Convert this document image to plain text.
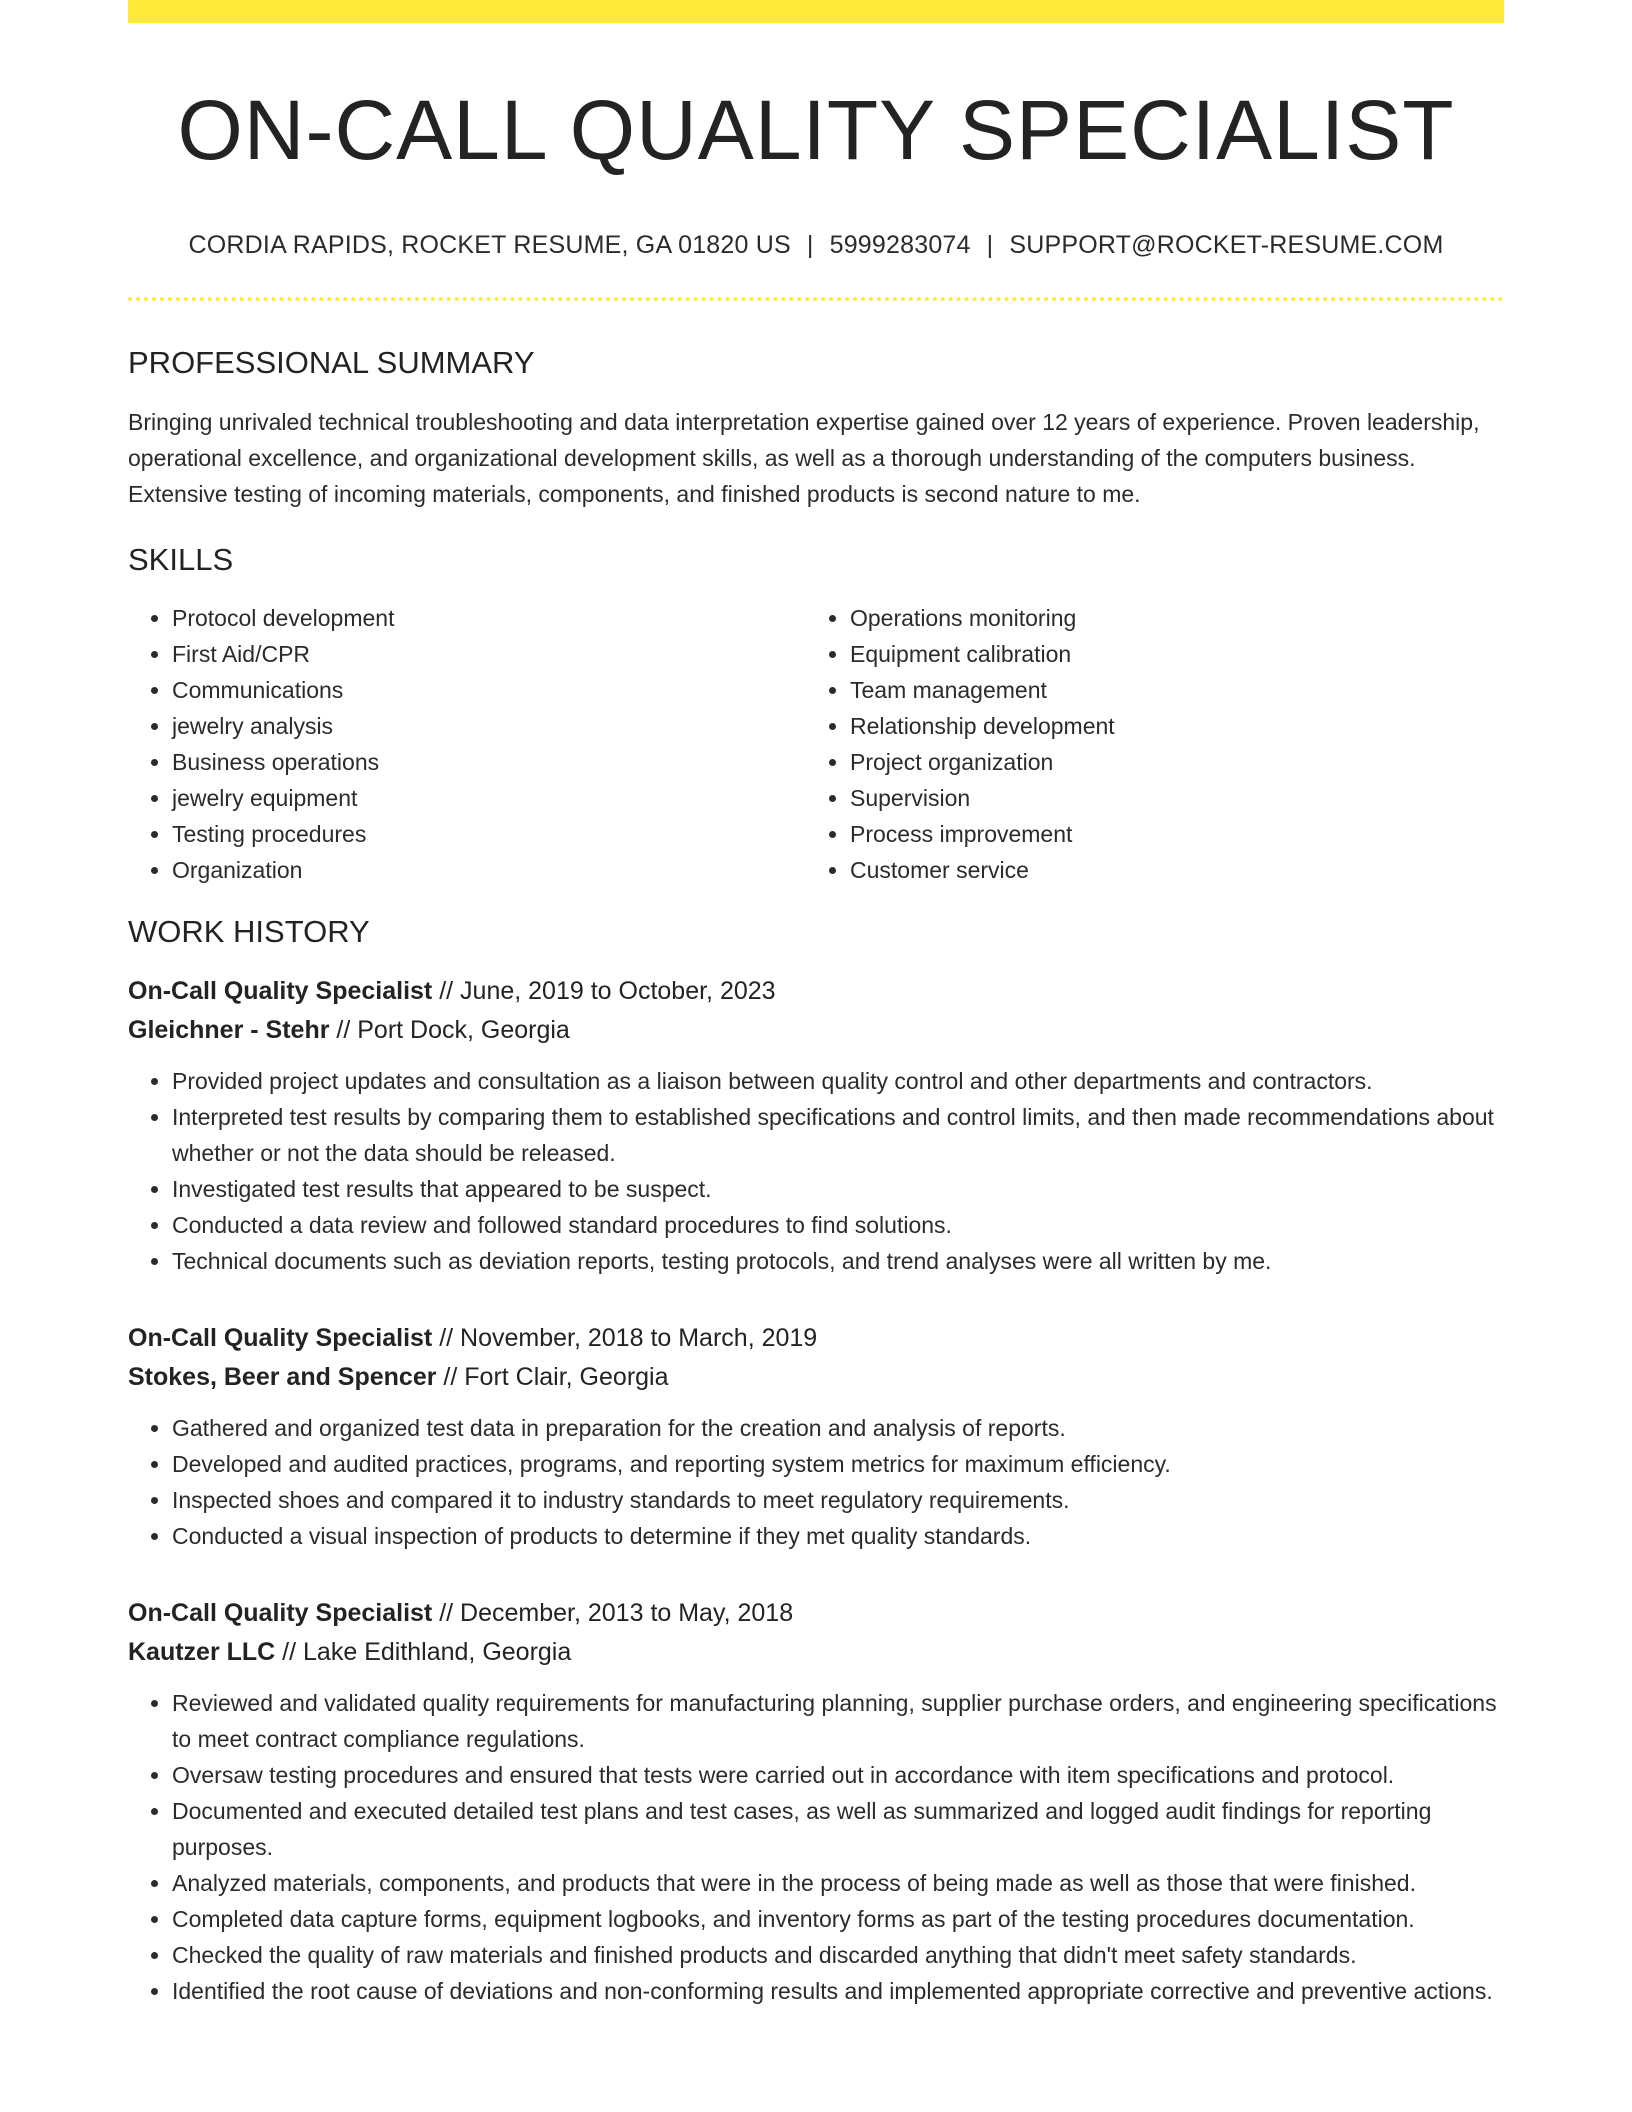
ON-CALL QUALITY SPECIALIST
CORDIA RAPIDS, ROCKET RESUME, GA 01820 US | 5999283074 | SUPPORT@ROCKET-RESUME.COM
PROFESSIONAL SUMMARY

Bringing unrivaled technical troubleshooting and data interpretation expertise gained over 12 years of experience. Proven leadership, operational excellence, and organizational development skills, as well as a thorough understanding of the computers business. Extensive testing of incoming materials, components, and finished products is second nature to me.

SKILLS
• Protocol development
• First Aid/CPR
• Communications
• jewelry analysis
• Business operations
• jewelry equipment
• Testing procedures
• Organization
• Operations monitoring
• Equipment calibration
• Team management
• Relationship development
• Project organization
• Supervision
• Process improvement
• Customer service
WORK HISTORY
On-Call Quality Specialist // June, 2019 to October, 2023
Gleichner - Stehr // Port Dock, Georgia
• Provided project updates and consultation as a liaison between quality control and other departments and contractors.
• Interpreted test results by comparing them to established specifications and control limits, and then made recommendations about whether or not the data should be released.
• Investigated test results that appeared to be suspect.
• Conducted a data review and followed standard procedures to find solutions.
• Technical documents such as deviation reports, testing protocols, and trend analyses were all written by me.
On-Call Quality Specialist // November, 2018 to March, 2019
Stokes, Beer and Spencer // Fort Clair, Georgia
• Gathered and organized test data in preparation for the creation and analysis of reports.
• Developed and audited practices, programs, and reporting system metrics for maximum efficiency.
• Inspected shoes and compared it to industry standards to meet regulatory requirements.
• Conducted a visual inspection of products to determine if they met quality standards.
On-Call Quality Specialist // December, 2013 to May, 2018
Kautzer LLC // Lake Edithland, Georgia
• Reviewed and validated quality requirements for manufacturing planning, supplier purchase orders, and engineering specifications to meet contract compliance regulations.
• Oversaw testing procedures and ensured that tests were carried out in accordance with item specifications and protocol.
• Documented and executed detailed test plans and test cases, as well as summarized and logged audit findings for reporting purposes.
• Analyzed materials, components, and products that were in the process of being made as well as those that were finished.
• Completed data capture forms, equipment logbooks, and inventory forms as part of the testing procedures documentation.
• Checked the quality of raw materials and finished products and discarded anything that didn't meet safety standards.
• Identified the root cause of deviations and non-conforming results and implemented appropriate corrective and preventive actions.
